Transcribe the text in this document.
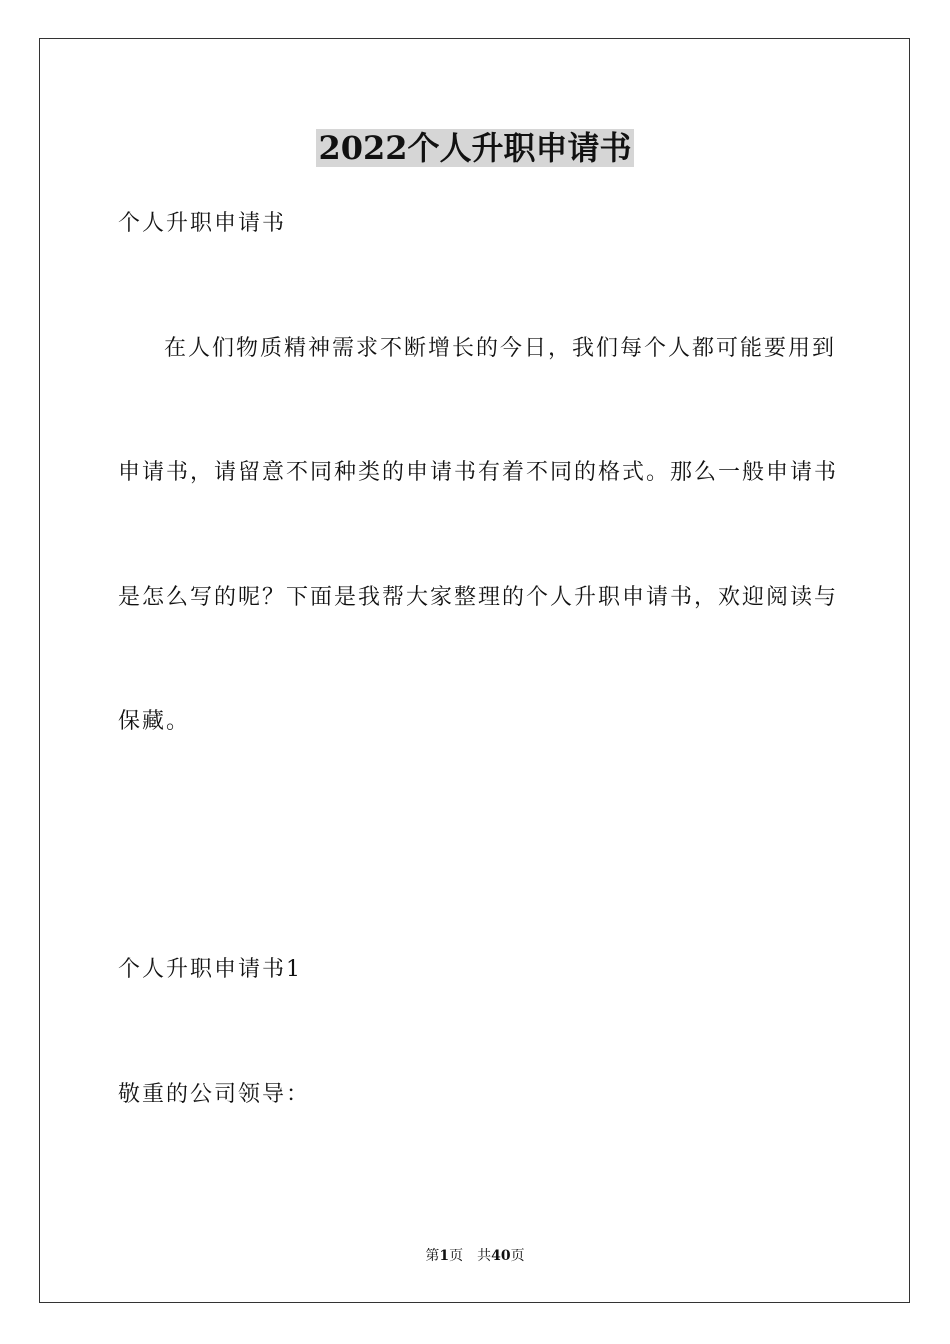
2022个人升职申请书
个人升职申请书
在人们物质精神需求不断增长的今日，我们每个人都可能要用到
申请书，请留意不同种类的申请书有着不同的格式。那么一般申请书
是怎么写的呢？下面是我帮大家整理的个人升职申请书，欢迎阅读与
保藏。
个人升职申请书1
敬重的公司领导：
第1页 共40页
